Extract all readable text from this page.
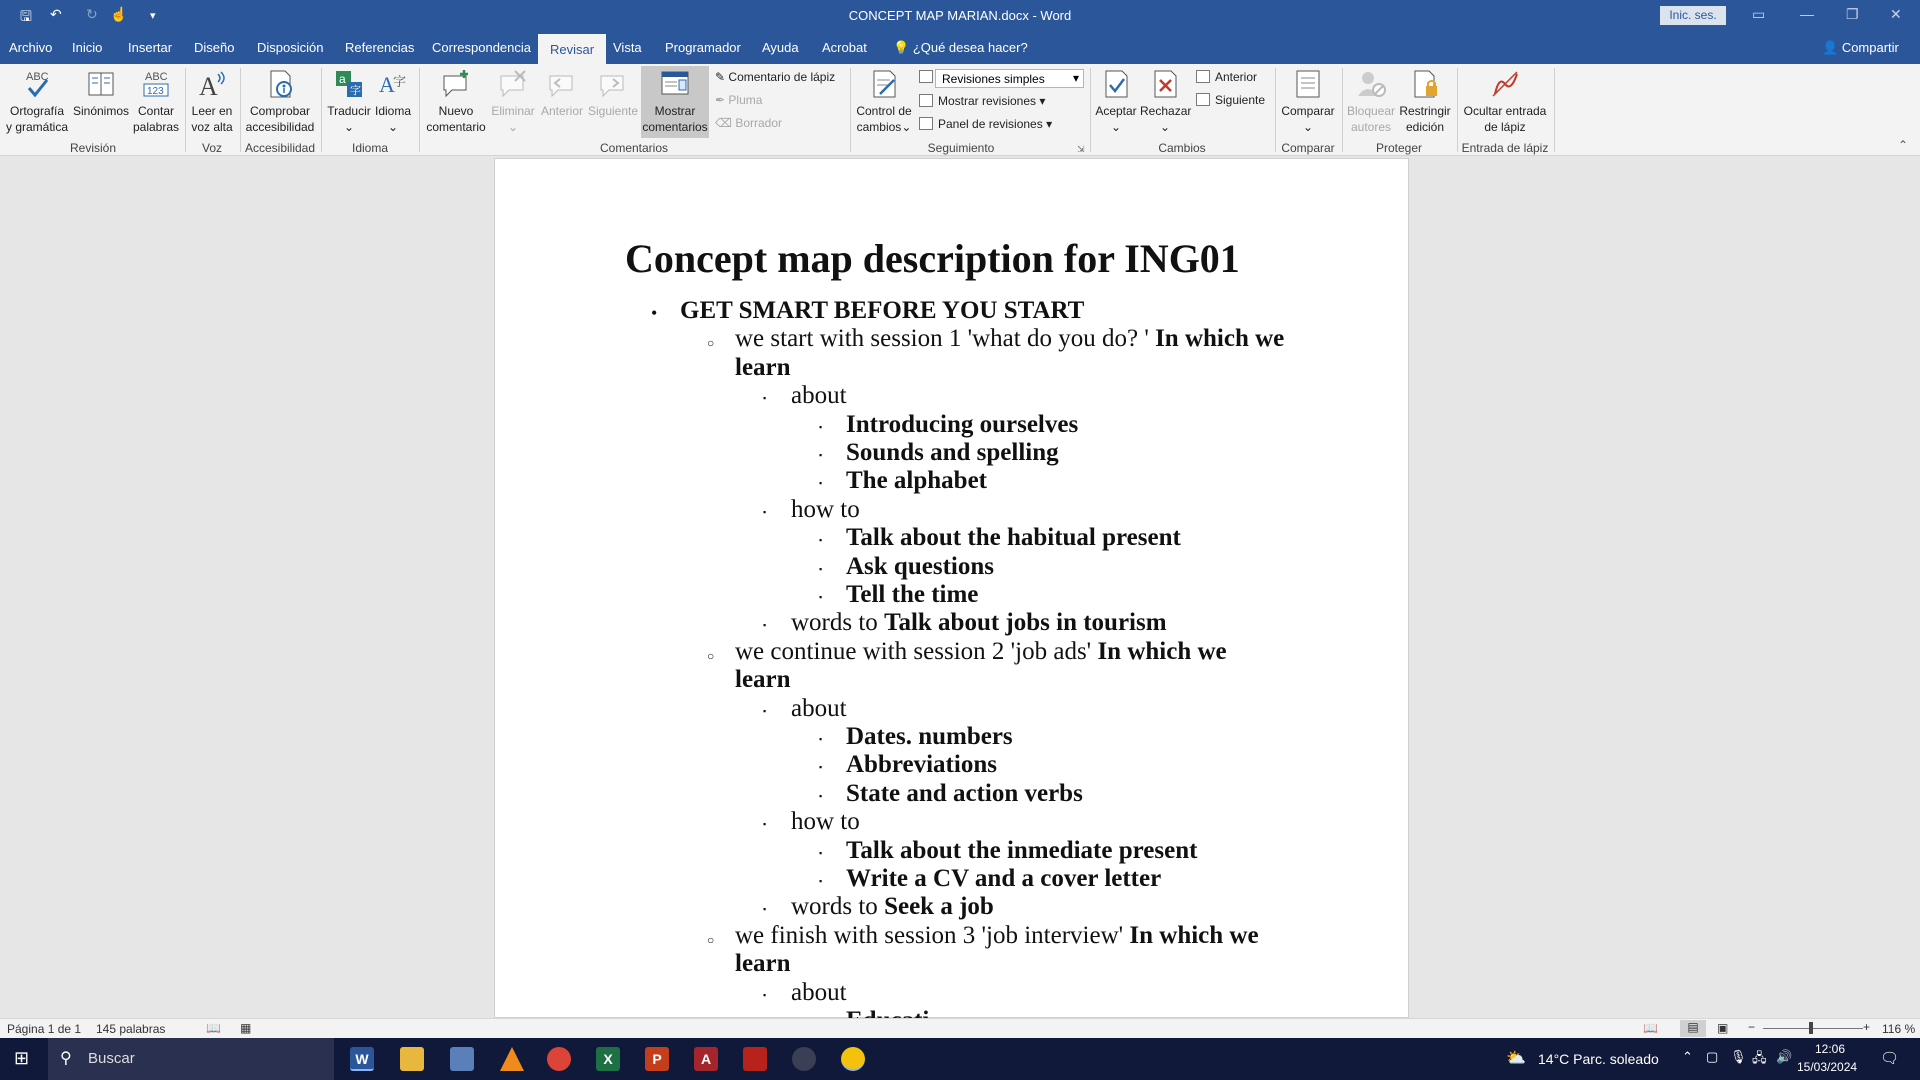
🖫 ↶ ↻ ☝ ▾	CONCEPT MAP MARIAN.docx - Word	Inic. ses.	▭ — ❐ ✕
Archivo Inicio Insertar Diseño Disposición Referencias Correspondencia	Revisar	Vista Programador Ayuda Acrobat 💡 ¿Qué desea hacer?	👤 Compartir
ABC
Ortografía
y gramática
Sinónimos
ABC
123
Contar
palabras
Revisión
A
Leer en
voz alta
Voz
Comprobar
accesibilidad
Accesibilidad
a
字
Traducir
⌄
A
字
Idioma
⌄
Idioma
Nuevo
comentario
Eliminar
⌄
Anterior Siguiente	Mostrar
comentarios
✎ Comentario de lápiz
✒ Pluma
⌫ Borrador
Comentarios
Control de
cambios⌄
Revisiones simples ▾
Mostrar revisiones ▾
Panel de revisiones ▾
Seguimiento	⇲
Aceptar
⌄
Rechazar
⌄
Anterior
Siguiente
Cambios
Comparar
⌄
Comparar
Bloquear
autores
Restringir
edición
Proteger
Ocultar entrada
de lápiz
Entrada de lápiz	⌃
Concept map description for ING01
• GET SMART BEFORE YOU START
○ we start with session 1 'what do you do? ' In which we
learn
▪ about
▪ Introducing ourselves
▪ Sounds and spelling
▪ The alphabet
▪ how to
▪ Talk about the habitual present
▪ Ask questions
▪ Tell the time
▪ words to Talk about jobs in tourism
○ we continue with session 2 'job ads' In which we
learn
▪ about
▪ Dates. numbers
▪ Abbreviations
▪ State and action verbs
▪ how to
▪ Talk about the inmediate present
▪ Write a CV and a cover letter
▪ words to Seek a job
○ we finish with session 3 'job interview' In which we
learn
▪ about
Página 1 de 1 145 palabras	📖 ▦	📖	▤	▣ −	+ 116 %
⊞ ⚲ Buscar	W	X	P	A	⛅ 14°C Parc. soleado ⌃ ▢ 🎙 🖧 🔊	12:06
15/03/2024 🗨
